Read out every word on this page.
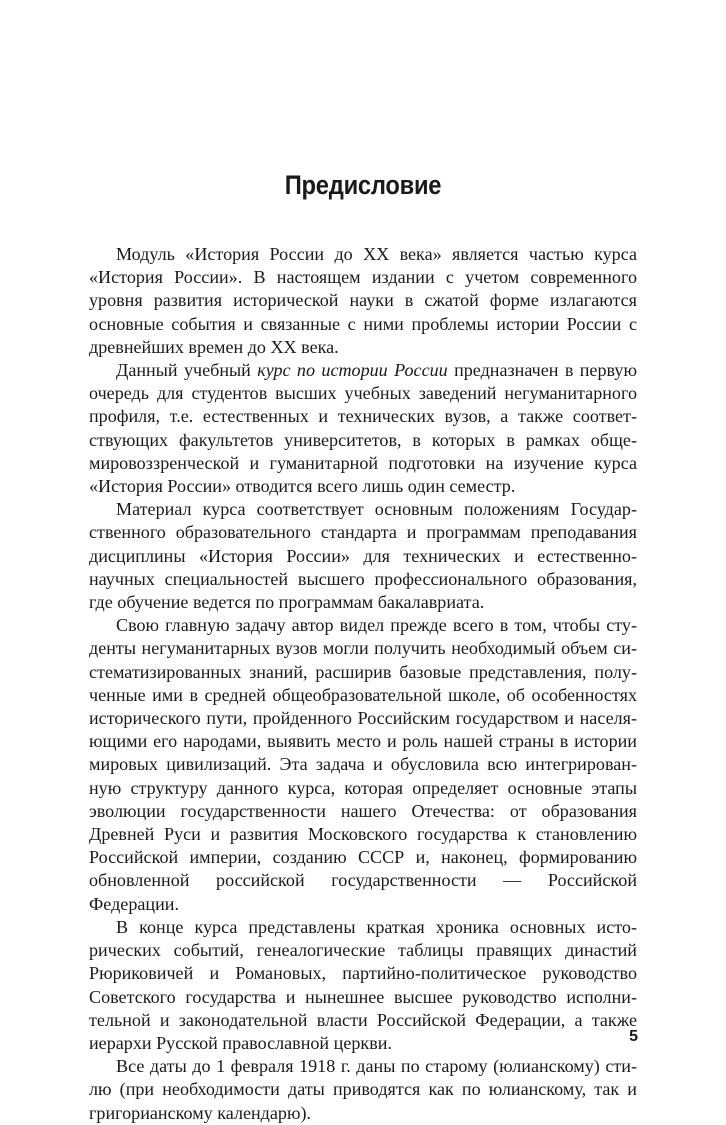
Предисловие

Модуль «История России до XX века» является частью курса «История России». В настоящем издании с учетом современного уровня развития исторической науки в сжатой форме излагаются основные события и связанные с ними проблемы истории России с древнейших времен до XX века.

Данный учебный курс по истории России предназначен в первую очередь для студентов высших учебных заведений негуманитарного профиля, т.е. естественных и технических вузов, а также соответствующих факультетов университетов, в которых в рамках общемировоззренческой и гуманитарной подготовки на изучение курса «История России» отводится всего лишь один семестр.

Материал курса соответствует основным положениям Государственного образовательного стандарта и программам преподавания дисциплины «История России» для технических и естественнонаучных специальностей высшего профессионального образования, где обучение ведется по программам бакалавриата.

Свою главную задачу автор видел прежде всего в том, чтобы студенты негуманитарных вузов могли получить необходимый объем систематизированных знаний, расширив базовые представления, полученные ими в средней общеобразовательной школе, об особенностях исторического пути, пройденного Российским государством и населяющими его народами, выявить место и роль нашей страны в истории мировых цивилизаций. Эта задача и обусловила всю интегрированную структуру данного курса, которая определяет основные этапы эволюции государственности нашего Отечества: от образования Древней Руси и развития Московского государства к становлению Российской империи, созданию СССР и, наконец, формированию обновленной российской государственности — Российской Федерации.

В конце курса представлены краткая хроника основных исторических событий, генеалогические таблицы правящих династий Рюриковичей и Романовых, партийно-политическое руководство Советского государства и нынешнее высшее руководство исполнительной и законодательной власти Российской Федерации, а также иерархи Русской православной церкви.

Все даты до 1 февраля 1918 г. даны по старому (юлианскому) стилю (при необходимости даты приводятся как по юлианскому, так и григорианскому календарю).

5
